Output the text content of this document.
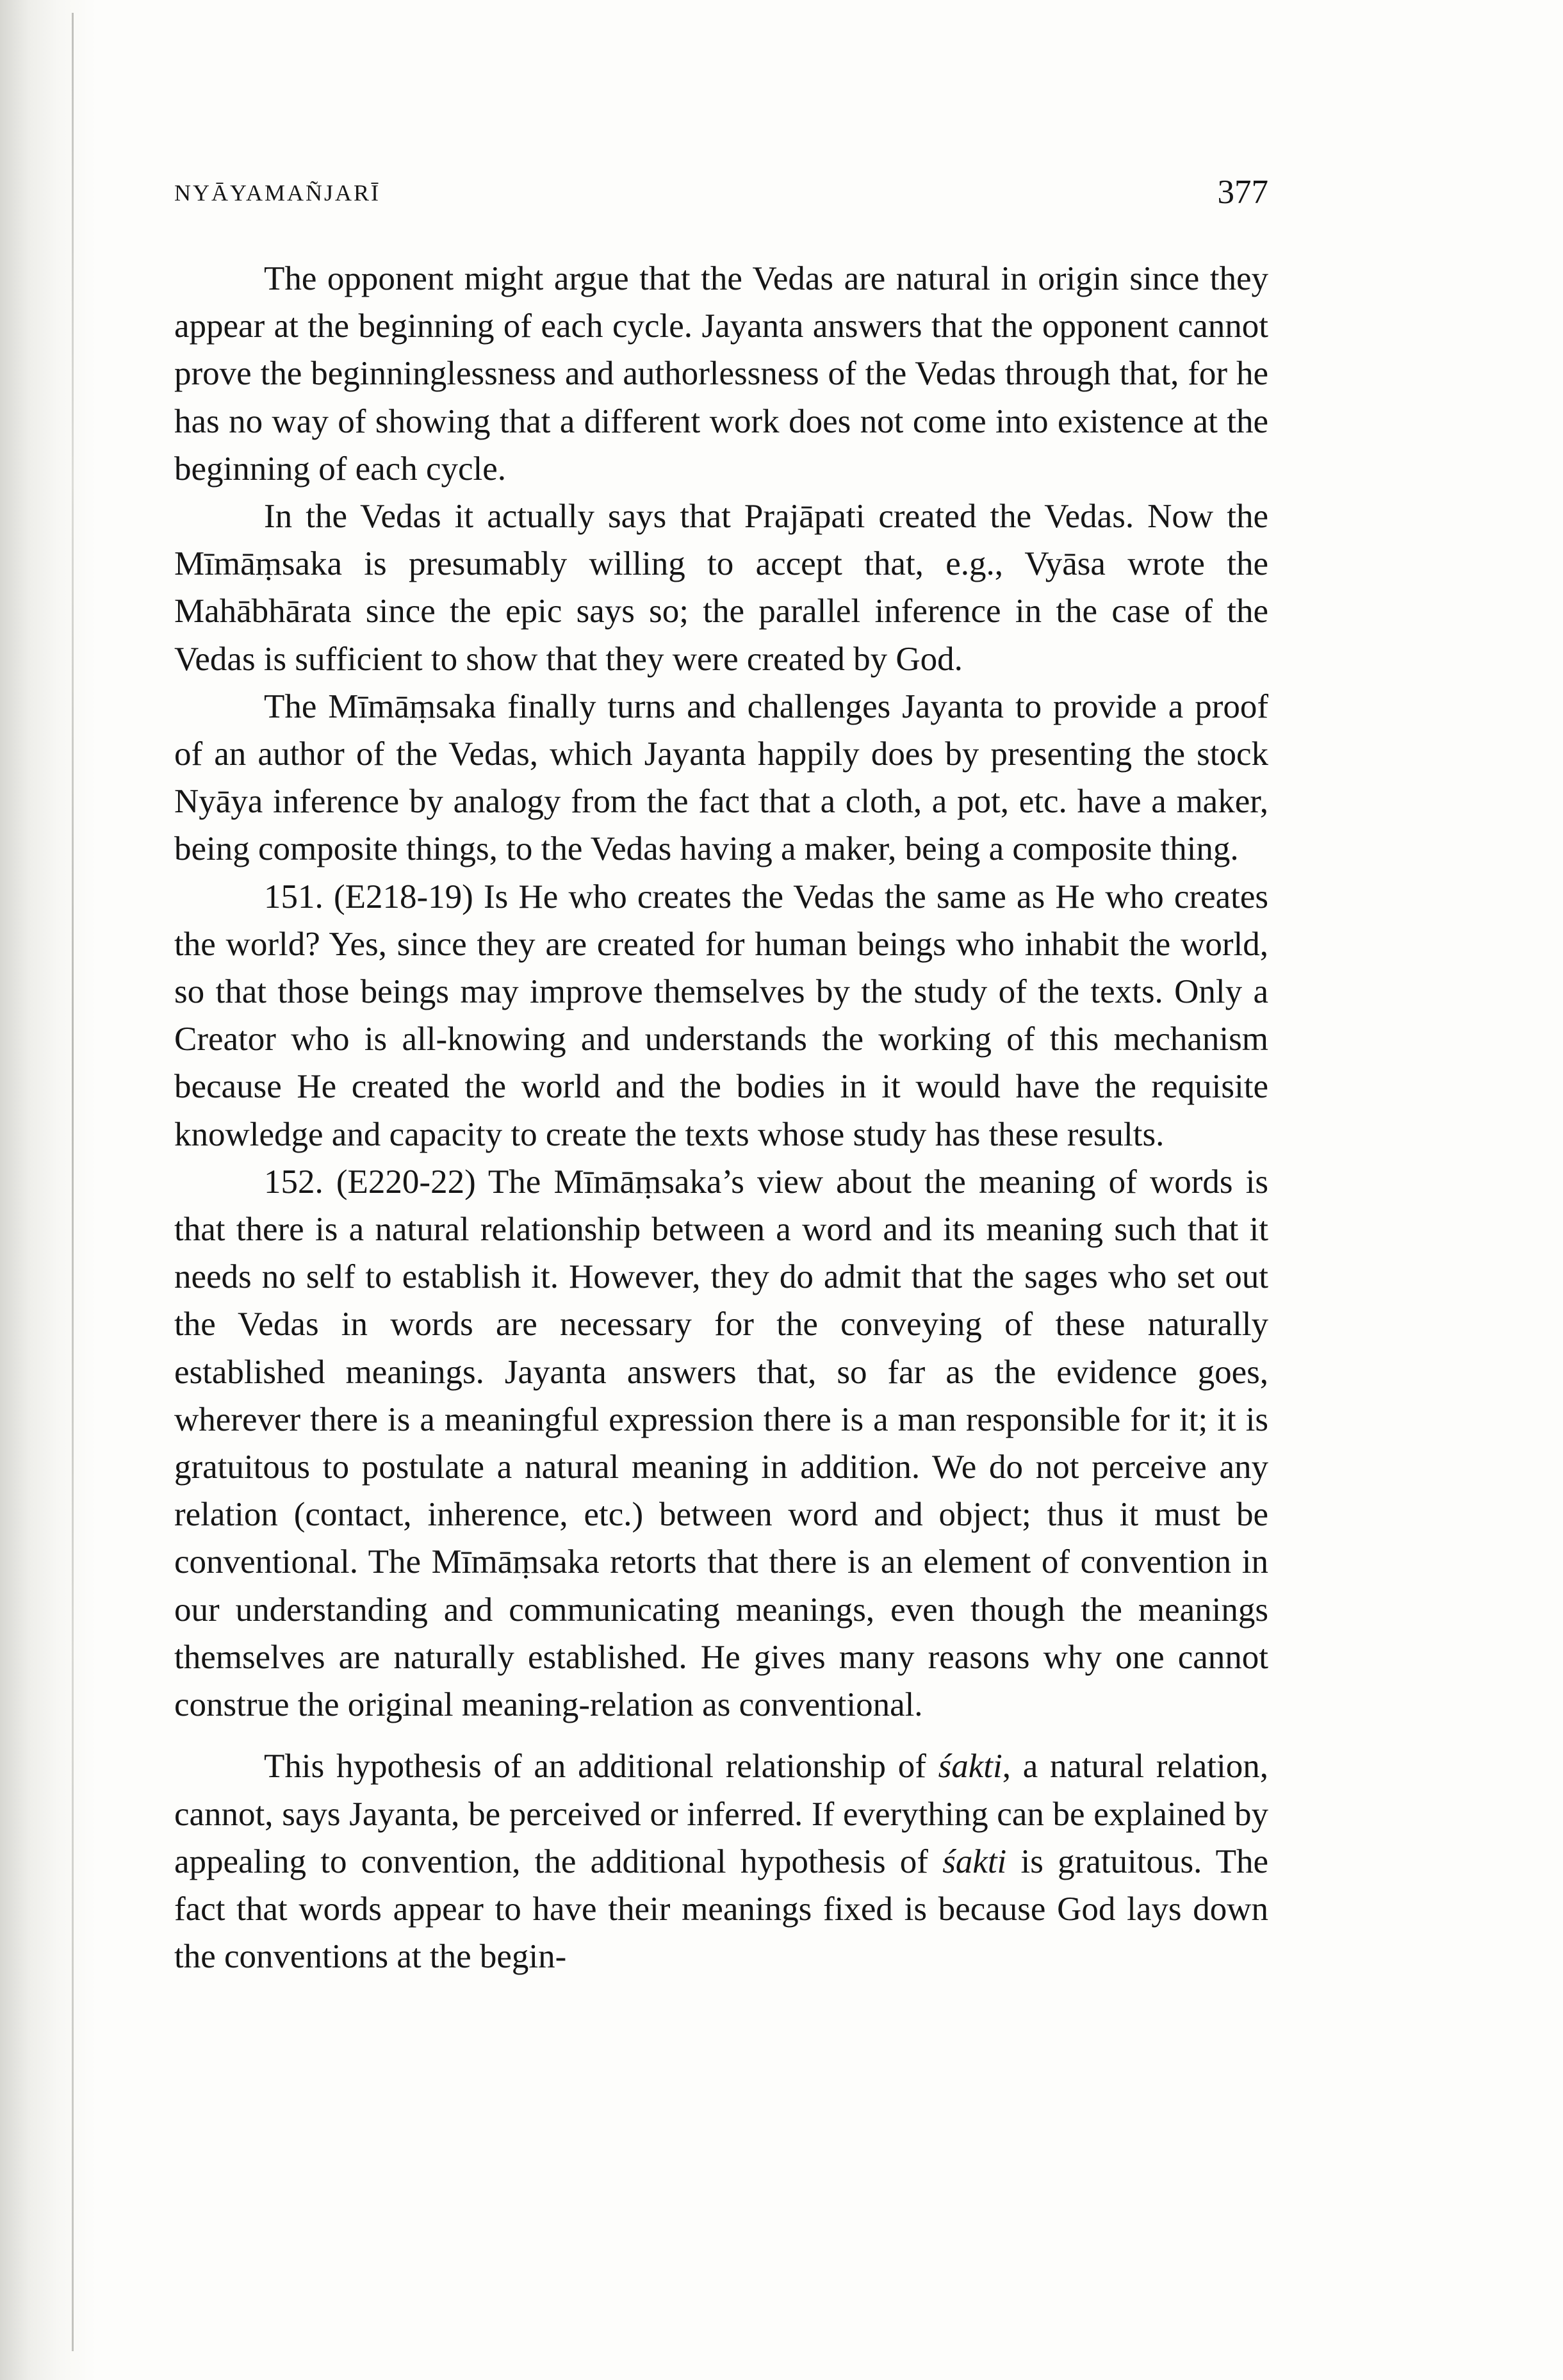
NYĀYAMAÑJARĪ	377

The opponent might argue that the Vedas are natural in origin since they appear at the beginning of each cycle. Jayanta answers that the opponent cannot prove the beginninglessness and authorlessness of the Vedas through that, for he has no way of showing that a different work does not come into existence at the beginning of each cycle.

In the Vedas it actually says that Prajāpati created the Vedas. Now the Mīmāṃsaka is presumably willing to accept that, e.g., Vyāsa wrote the Mahābhārata since the epic says so; the parallel inference in the case of the Vedas is sufficient to show that they were created by God.

The Mīmāṃsaka finally turns and challenges Jayanta to provide a proof of an author of the Vedas, which Jayanta happily does by presenting the stock Nyāya inference by analogy from the fact that a cloth, a pot, etc. have a maker, being composite things, to the Vedas having a maker, being a composite thing.

151. (E218-19) Is He who creates the Vedas the same as He who creates the world? Yes, since they are created for human beings who inhabit the world, so that those beings may improve themselves by the study of the texts. Only a Creator who is all-knowing and understands the working of this mechanism because He created the world and the bodies in it would have the requisite knowledge and capacity to create the texts whose study has these results.

152. (E220-22) The Mīmāṃsaka’s view about the meaning of words is that there is a natural relationship between a word and its meaning such that it needs no self to establish it. However, they do admit that the sages who set out the Vedas in words are necessary for the conveying of these naturally established meanings. Jayanta answers that, so far as the evidence goes, wherever there is a meaningful expression there is a man responsible for it; it is gratuitous to postulate a natural meaning in addition. We do not perceive any relation (contact, inherence, etc.) between word and object; thus it must be conventional. The Mīmāṃsaka retorts that there is an element of convention in our understanding and communicating meanings, even though the meanings themselves are naturally established. He gives many reasons why one cannot construe the original meaning-relation as conventional.

This hypothesis of an additional relationship of śakti, a natural relation, cannot, says Jayanta, be perceived or inferred. If everything can be explained by appealing to convention, the additional hypothesis of śakti is gratuitous. The fact that words appear to have their meanings fixed is because God lays down the conventions at the begin-
